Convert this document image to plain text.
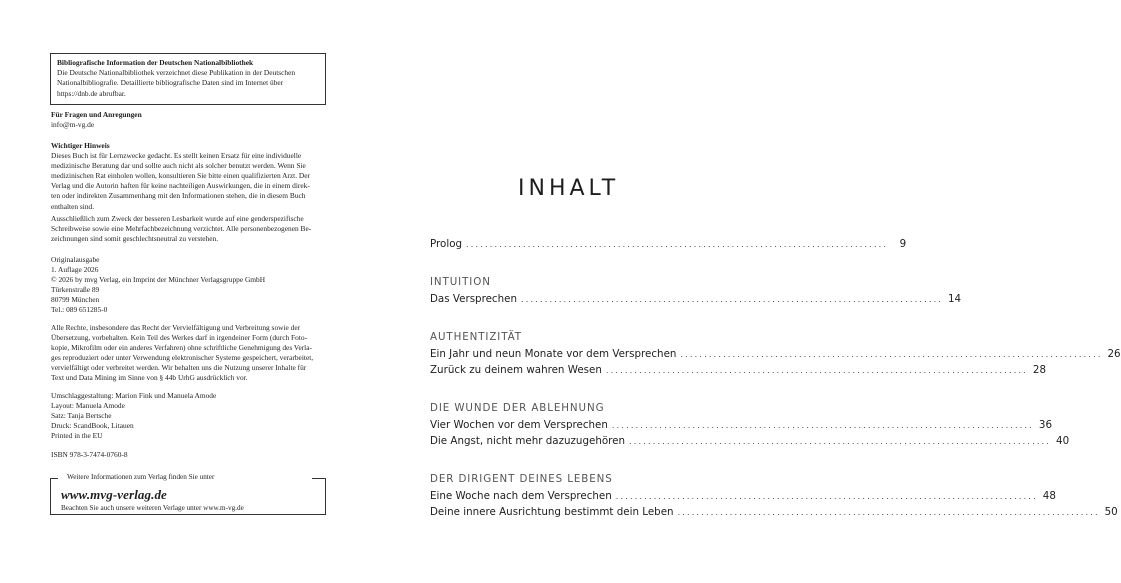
Bibliografische Information der Deutschen Nationalbibliothek
Die Deutsche Nationalbibliothek verzeichnet diese Publikation in der Deutschen
Nationalbibliografie. Detaillierte bibliografische Daten sind im Internet über
https://dnb.de abrufbar.
Für Fragen und Anregungen
info@m-vg.de
Wichtiger Hinweis
Dieses Buch ist für Lernzwecke gedacht. Es stellt keinen Ersatz für eine individuelle
medizinische Beratung dar und sollte auch nicht als solcher benutzt werden. Wenn Sie
medizinischen Rat einholen wollen, konsultieren Sie bitte einen qualifizierten Arzt. Der
Verlag und die Autorin haften für keine nachteiligen Auswirkungen, die in einem direk-
ten oder indirekten Zusammenhang mit den Informationen stehen, die in diesem Buch
enthalten sind.
Ausschließlich zum Zweck der besseren Lesbarkeit wurde auf eine genderspezifische
Schreibweise sowie eine Mehrfachbezeichnung verzichtet. Alle personenbezogenen Be-
zeichnungen sind somit geschlechtsneutral zu verstehen.
Originalausgabe
1. Auflage 2026
© 2026 by mvg Verlag, ein Imprint der Münchner Verlagsgruppe GmbH
Türkenstraße 89
80799 München
Tel.: 089 651285-0
Alle Rechte, insbesondere das Recht der Vervielfältigung und Verbreitung sowie der
Übersetzung, vorbehalten. Kein Teil des Werkes darf in irgendeiner Form (durch Foto-
kopie, Mikrofilm oder ein anderes Verfahren) ohne schriftliche Genehmigung des Verla-
ges reproduziert oder unter Verwendung elektronischer Systeme gespeichert, verarbeitet,
vervielfältigt oder verbreitet werden. Wir behalten uns die Nutzung unserer Inhalte für
Text und Data Mining im Sinne von § 44b UrhG ausdrücklich vor.
Umschlaggestaltung: Marion Fink und Manuela Amode
Layout: Manuela Amode
Satz: Tanja Bertsche
Druck: ScandBook, Litauen
Printed in the EU
ISBN 978-3-7474-0760-8
Weitere Informationen zum Verlag finden Sie unter
www.mvg-verlag.de
Beachten Sie auch unsere weiteren Verlage unter www.m-vg.de
INHALT
Prolog .........................................................................................	9
INTUITION
Das Versprechen ......................................................................................... 14
AUTHENTIZITÄT
Ein Jahr und neun Monate vor dem Versprechen ......................................................................................... 26
Zurück zu deinem wahren Wesen ......................................................................................... 28
DIE WUNDE DER ABLEHNUNG
Vier Wochen vor dem Versprechen ......................................................................................... 36
Die Angst, nicht mehr dazuzugehören ......................................................................................... 40
DER DIRIGENT DEINES LEBENS
Eine Woche nach dem Versprechen ......................................................................................... 48
Deine innere Ausrichtung bestimmt dein Leben ......................................................................................... 50
